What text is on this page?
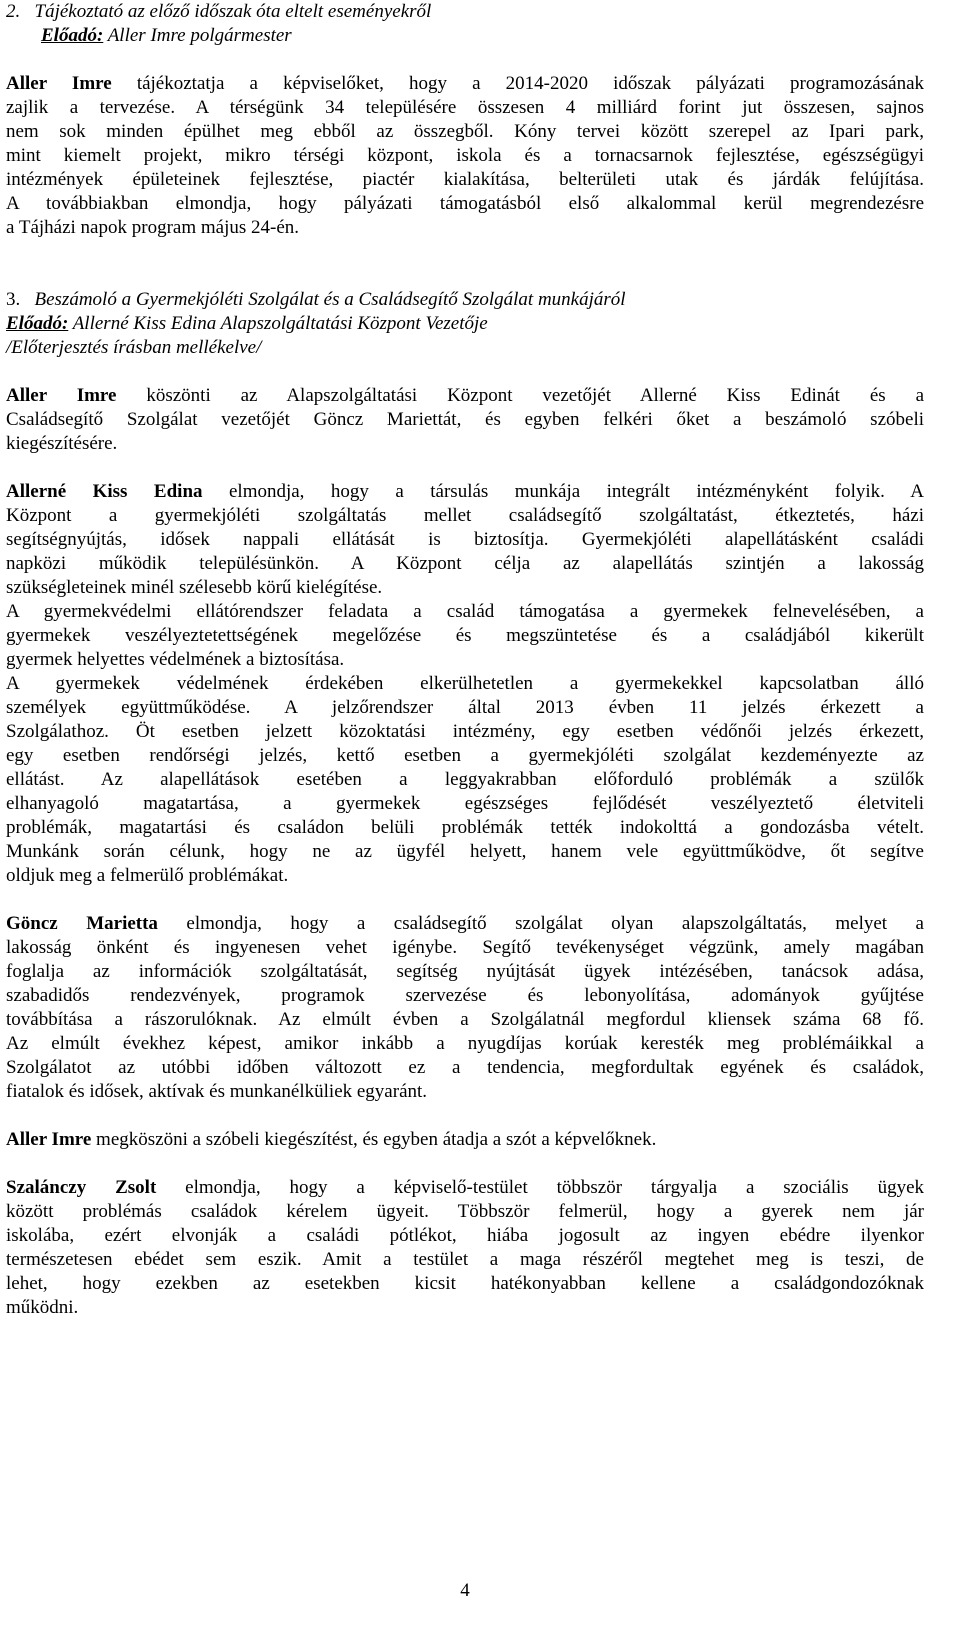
2. Tájékoztató az előző időszak óta eltelt eseményekről
Előadó: Aller Imre polgármester
Aller Imre tájékoztatja a képviselőket, hogy a 2014-2020 időszak pályázati programozásának
zajlik a tervezése. A térségünk 34 településére összesen 4 milliárd forint jut összesen, sajnos
nem sok minden épülhet meg ebből az összegből. Kóny tervei között szerepel az Ipari park,
mint kiemelt projekt, mikro térségi központ, iskola és a tornacsarnok fejlesztése, egészségügyi
intézmények épületeinek fejlesztése, piactér kialakítása, belterületi utak és járdák felújítása.
A továbbiakban elmondja, hogy pályázati támogatásból első alkalommal kerül megrendezésre
a Tájházi napok program május 24-én.
3. Beszámoló a Gyermekjóléti Szolgálat és a Családsegítő Szolgálat munkájáról
Előadó: Allerné Kiss Edina Alapszolgáltatási Központ Vezetője
/Előterjesztés írásban mellékelve/
Aller Imre köszönti az Alapszolgáltatási Központ vezetőjét Allerné Kiss Edinát és a
Családsegítő Szolgálat vezetőjét Göncz Mariettát, és egyben felkéri őket a beszámoló szóbeli
kiegészítésére.
Allerné Kiss Edina elmondja, hogy a társulás munkája integrált intézményként folyik. A
Központ a gyermekjóléti szolgáltatás mellet családsegítő szolgáltatást, étkeztetés, házi
segítségnyújtás, idősek nappali ellátását is biztosítja. Gyermekjóléti alapellátásként családi
napközi működik településünkön. A Központ célja az alapellátás szintjén a lakosság
szükségleteinek minél szélesebb körű kielégítése.
A gyermekvédelmi ellátórendszer feladata a család támogatása a gyermekek felnevelésében, a
gyermekek veszélyeztetettségének megelőzése és megszüntetése és a családjából kikerült
gyermek helyettes védelmének a biztosítása.
A gyermekek védelmének érdekében elkerülhetetlen a gyermekekkel kapcsolatban álló
személyek együttműködése. A jelzőrendszer által 2013 évben 11 jelzés érkezett a
Szolgálathoz. Öt esetben jelzett közoktatási intézmény, egy esetben védőnői jelzés érkezett,
egy esetben rendőrségi jelzés, kettő esetben a gyermekjóléti szolgálat kezdeményezte az
ellátást. Az alapellátások esetében a leggyakrabban előforduló problémák a szülők
elhanyagoló magatartása, a gyermekek egészséges fejlődését veszélyeztető életviteli
problémák, magatartási és családon belüli problémák tették indokolttá a gondozásba vételt.
Munkánk során célunk, hogy ne az ügyfél helyett, hanem vele együttműködve, őt segítve
oldjuk meg a felmerülő problémákat.
Göncz Marietta elmondja, hogy a családsegítő szolgálat olyan alapszolgáltatás, melyet a
lakosság önként és ingyenesen vehet igénybe. Segítő tevékenységet végzünk, amely magában
foglalja az információk szolgáltatását, segítség nyújtását ügyek intézésében, tanácsok adása,
szabadidős rendezvények, programok szervezése és lebonyolítása, adományok gyűjtése
továbbítása a rászorulóknak. Az elmúlt évben a Szolgálatnál megfordul kliensek száma 68 fő.
Az elmúlt évekhez képest, amikor inkább a nyugdíjas korúak keresték meg problémáikkal a
Szolgálatot az utóbbi időben változott ez a tendencia, megfordultak egyének és családok,
fiatalok és idősek, aktívak és munkanélküliek egyaránt.
Aller Imre megköszöni a szóbeli kiegészítést, és egyben átadja a szót a képvelőknek.
Szalánczy Zsolt elmondja, hogy a képviselő-testület többször tárgyalja a szociális ügyek
között problémás családok kérelem ügyeit. Többször felmerül, hogy a gyerek nem jár
iskolába, ezért elvonják a családi pótlékot, hiába jogosult az ingyen ebédre ilyenkor
természetesen ebédet sem eszik. Amit a testület a maga részéről megtehet meg is teszi, de
lehet, hogy ezekben az esetekben kicsit hatékonyabban kellene a családgondozóknak
működni.
4
